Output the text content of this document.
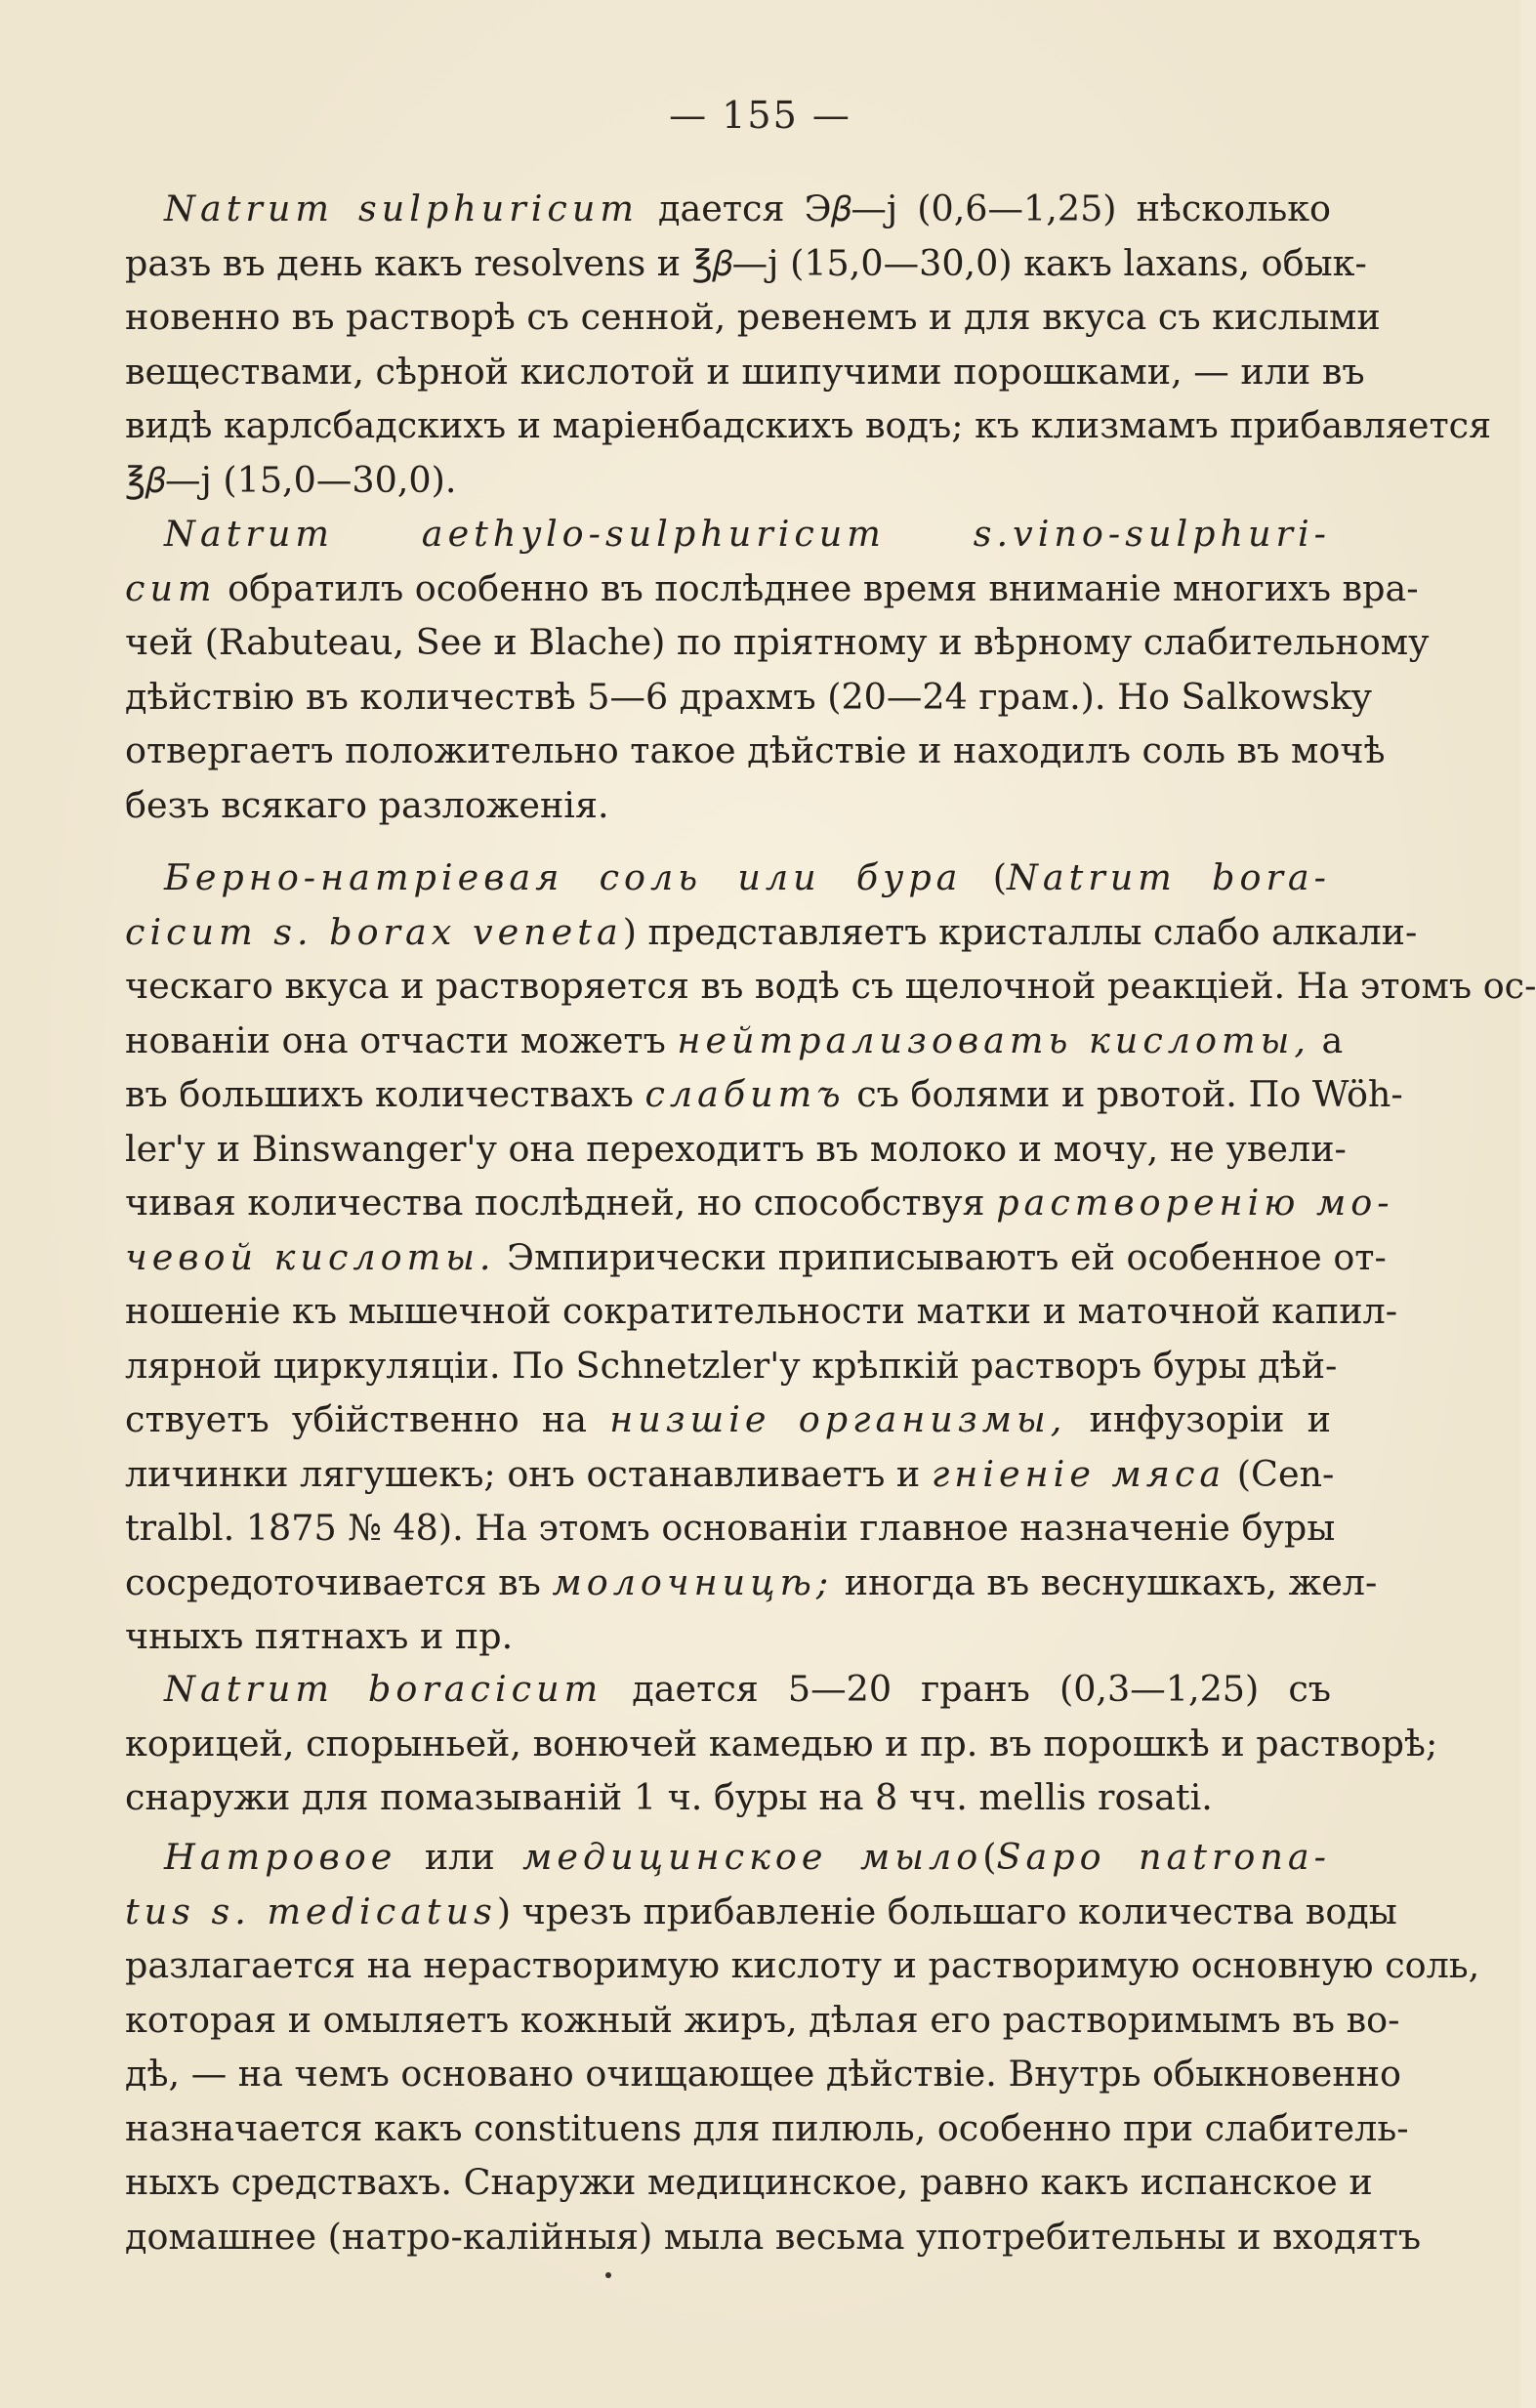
— 155 —
Natrum sulphuricum дается Э𝛽—j (0,6—1,25) нѣсколько
разъ въ день какъ resolvens и ℥𝛽—j (15,0—30,0) какъ laxans, обык-
новенно въ растворѣ съ сенной, ревенемъ и для вкуса съ кислыми
веществами, сѣрной кислотой и шипучими порошками, — или въ
видѣ карлсбадскихъ и маріенбадскихъ водъ; къ клизмамъ прибавляется
℥𝛽—j (15,0—30,0).
Natrum aethylo-sulphuricum s.vino-sulphuri-
cum обратилъ особенно въ послѣднее время вниманіе многихъ вра-
чей (Rabuteau, See и Blache) по пріятному и вѣрному слабительному
дѣйствію въ количествѣ 5—6 драхмъ (20—24 грам.). Но Salkowsky
отвергаетъ положительно такое дѣйствіе и находилъ соль въ мочѣ
безъ всякаго разложенія.
Берно-натріевая соль или бура (Natrum bora-
cicum s. borax veneta) представляетъ кристаллы слабо алкали-
ческаго вкуса и растворяется въ водѣ съ щелочной реакціей. На этомъ ос-
нованіи она отчасти можетъ нейтрализовать кислоты, а
въ большихъ количествахъ слабитъ съ болями и рвотой. По Wöh-
ler'у и Binswanger'у она переходитъ въ молоко и мочу, не увели-
чивая количества послѣдней, но способствуя растворенію мо-
чевой кислоты. Эмпирически приписываютъ ей особенное от-
ношеніе къ мышечной сократительности матки и маточной капил-
лярной циркуляціи. По Schnetzler'у крѣпкій растворъ буры дѣй-
ствуетъ убійственно на низшіе организмы, инфузоріи и
личинки лягушекъ; онъ останавливаетъ и гніеніе мяса (Cen-
tralbl. 1875 № 48). На этомъ основаніи главное назначеніе буры
сосредоточивается въ молочницѣ; иногда въ веснушкахъ, жел-
чныхъ пятнахъ и пр.
Natrum boracicum дается 5—20 гранъ (0,3—1,25) съ
корицей, спорыньей, вонючей камедью и пр. въ порошкѣ и растворѣ;
снаружи для помазываній 1 ч. буры на 8 чч. mellis rosati.
Натровое или медицинское мыло(Sapo natrona-
tus s. medicatus) чрезъ прибавленіе большаго количества воды
разлагается на нерастворимую кислоту и растворимую основную соль,
которая и омыляетъ кожный жиръ, дѣлая его растворимымъ въ во-
дѣ, — на чемъ основано очищающее дѣйствіе. Внутрь обыкновенно
назначается какъ constituens для пилюль, особенно при слабитель-
ныхъ средствахъ. Снаружи медицинское, равно какъ испанское и
домашнее (натро-калійныя) мыла весьма употребительны и входятъ
